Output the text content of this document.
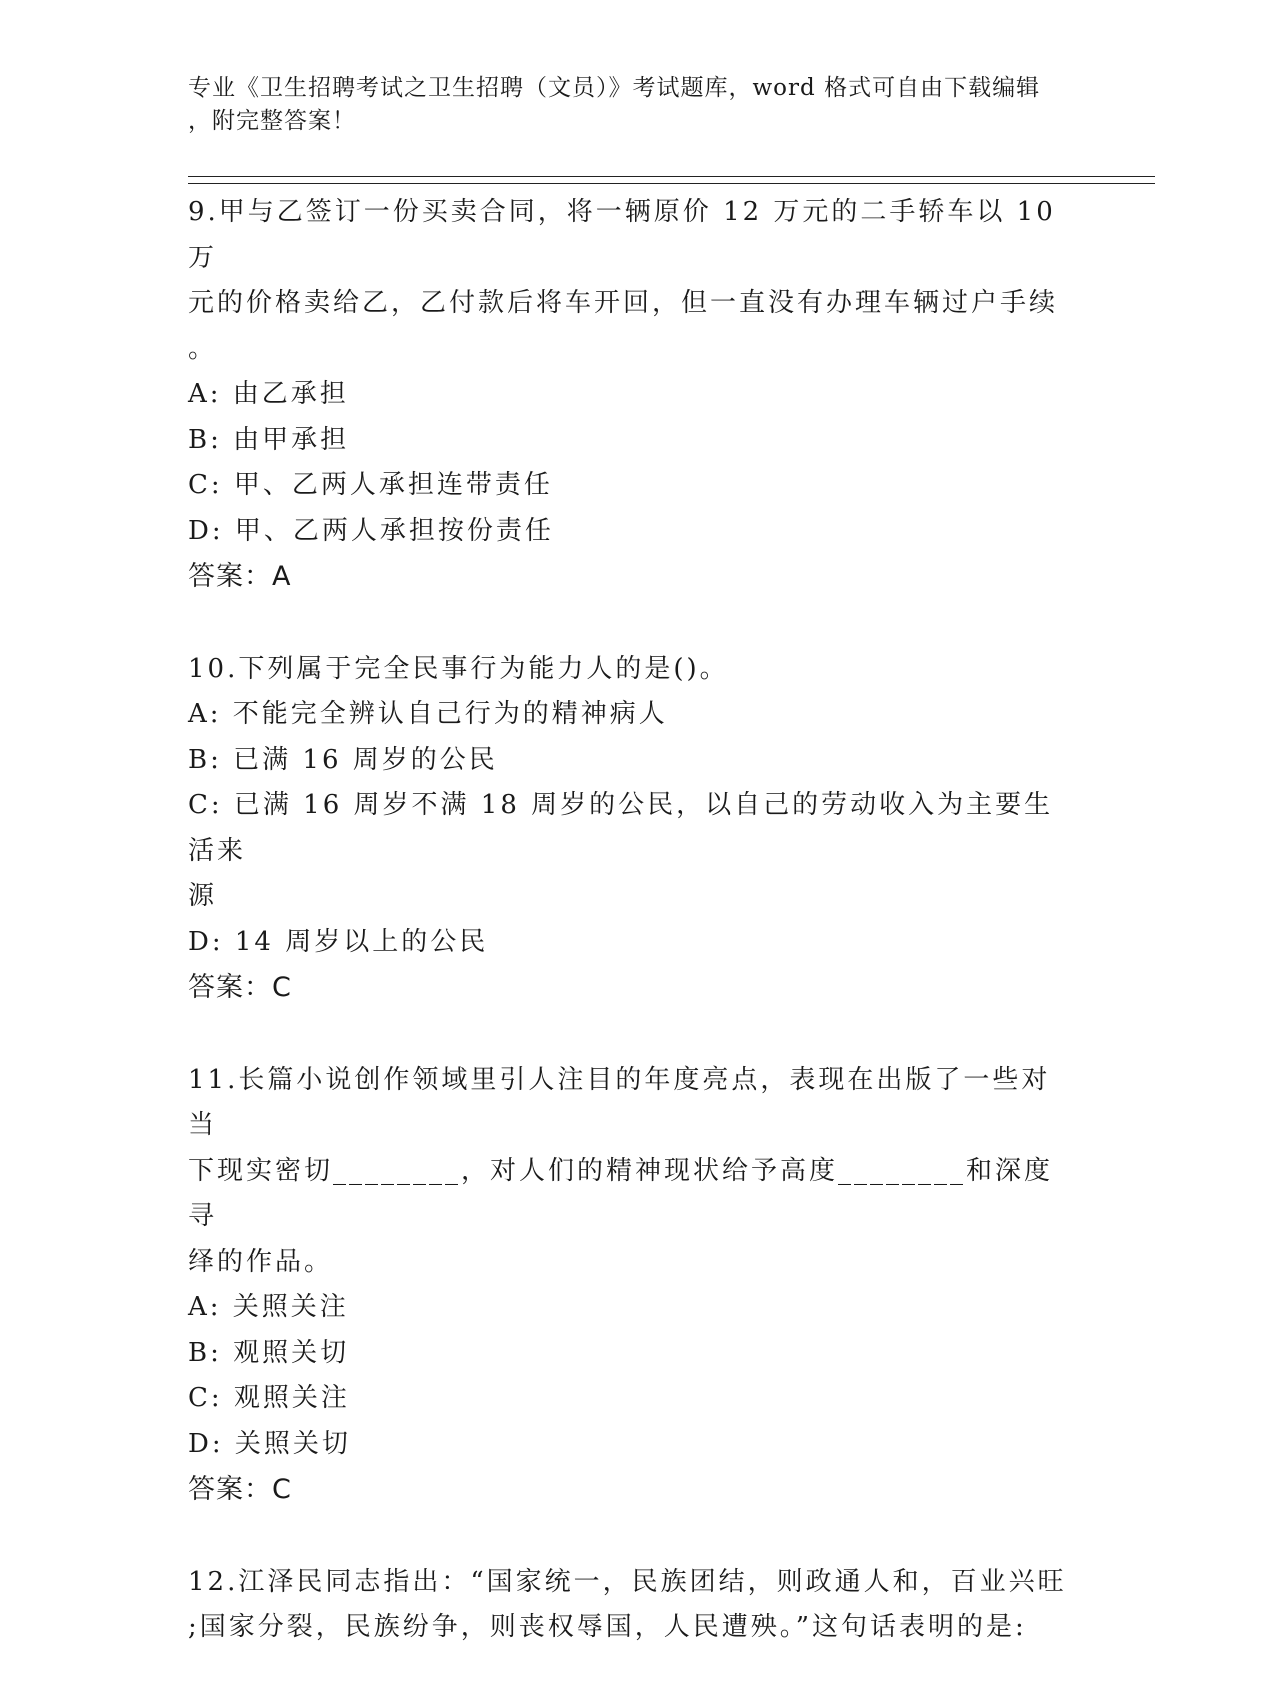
专业《卫生招聘考试之卫生招聘（文员）》考试题库，word 格式可自由下载编辑
，附完整答案！
9.甲与乙签订一份买卖合同，将一辆原价 12 万元的二手轿车以 10 万
元的价格卖给乙，乙付款后将车开回，但一直没有办理车辆过户手续
。
A: 由乙承担
B: 由甲承担
C: 甲、乙两人承担连带责任
D: 甲、乙两人承担按份责任
答案：A
10.下列属于完全民事行为能力人的是()。
A: 不能完全辨认自己行为的精神病人
B: 已满 16 周岁的公民
C: 已满 16 周岁不满 18 周岁的公民，以自己的劳动收入为主要生活来
源
D: 14 周岁以上的公民
答案：C
11.长篇小说创作领域里引人注目的年度亮点，表现在出版了一些对当
下现实密切________，对人们的精神现状给予高度________和深度寻
绎的作品。
A: 关照关注
B: 观照关切
C: 观照关注
D: 关照关切
答案：C
12.江泽民同志指出：“国家统一，民族团结，则政通人和，百业兴旺
;国家分裂，民族纷争，则丧权辱国，人民遭殃。”这句话表明的是:
